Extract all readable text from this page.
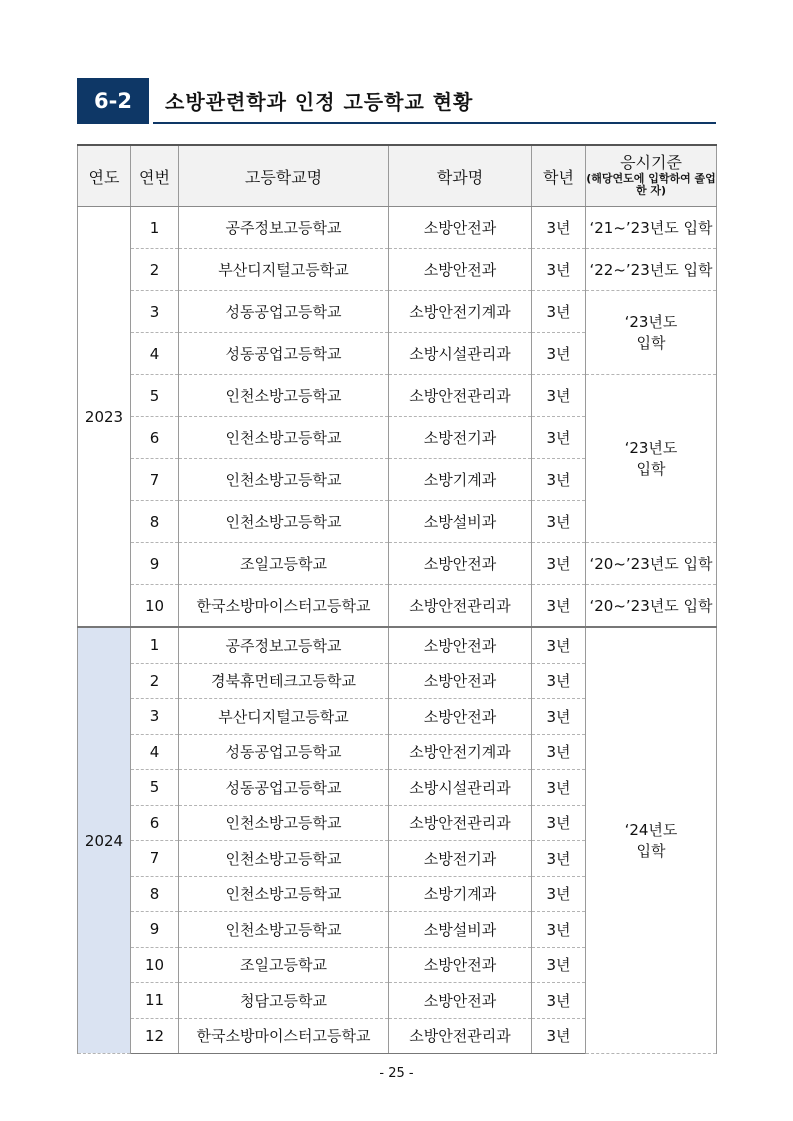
6-2	소방관련학과 인정 고등학교 현황
연도	연번	고등학교명	학과명	학년	응시기준
(해당연도에 입학하여 졸업한 자)

2023	1	공주정보고등학교	소방안전과	3년	‘21~’23년도 입학
	2	부산디지털고등학교	소방안전과	3년	‘22~’23년도 입학
	3	성동공업고등학교	소방안전기계과	3년	‘23년도 입학
	4	성동공업고등학교	소방시설관리과	3년	
	5	인천소방고등학교	소방안전관리과	3년	‘23년도 입학
	6	인천소방고등학교	소방전기과	3년	
	7	인천소방고등학교	소방기계과	3년	
	8	인천소방고등학교	소방설비과	3년	
	9	조일고등학교	소방안전과	3년	‘20~’23년도 입학
	10	한국소방마이스터고등학교	소방안전관리과	3년	‘20~’23년도 입학
2024	1	공주정보고등학교	소방안전과	3년	‘24년도 입학
	2	경북휴먼테크고등학교	소방안전과	3년	
	3	부산디지털고등학교	소방안전과	3년	
	4	성동공업고등학교	소방안전기계과	3년	
	5	성동공업고등학교	소방시설관리과	3년	
	6	인천소방고등학교	소방안전관리과	3년	
	7	인천소방고등학교	소방전기과	3년	
	8	인천소방고등학교	소방기계과	3년	
	9	인천소방고등학교	소방설비과	3년	
	10	조일고등학교	소방안전과	3년	
	11	청담고등학교	소방안전과	3년	
	12	한국소방마이스터고등학교	소방안전관리과	3년	
- 25 -
